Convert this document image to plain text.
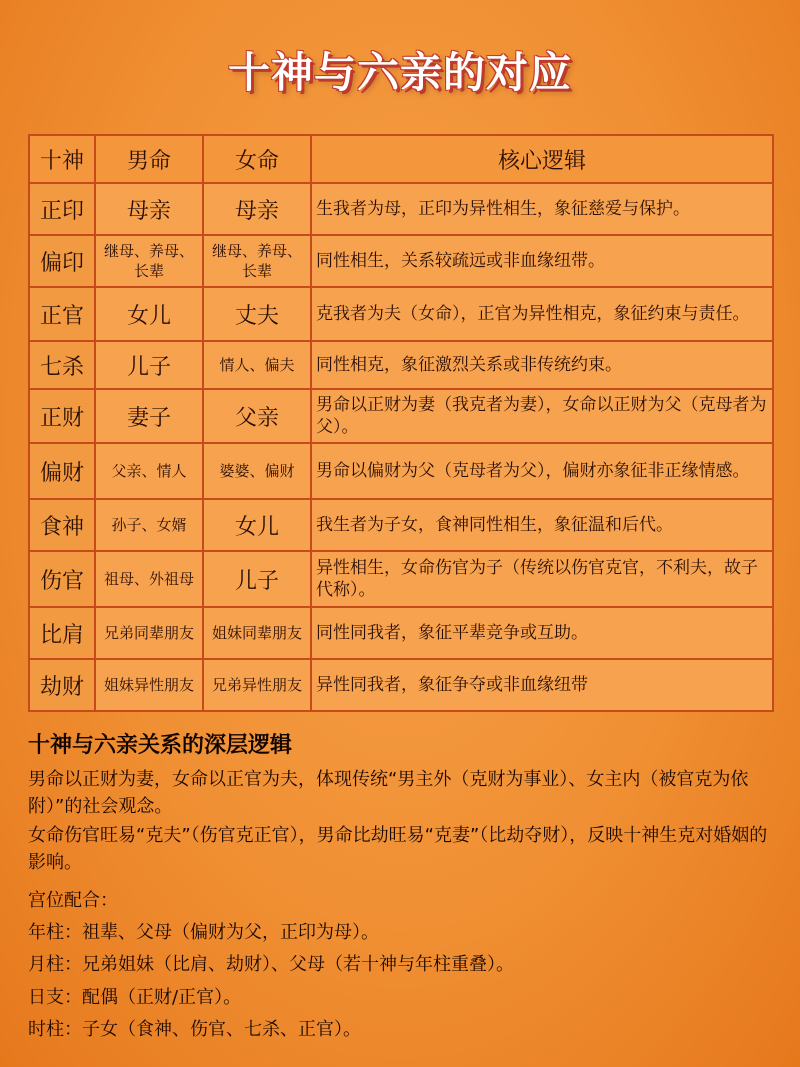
十神与六亲的对应
十神	男命	女命	核心逻辑
正印	母亲	母亲	生我者为母，正印为异性相生，象征慈爱与保护。
偏印	继母、养母、长辈	继母、养母、长辈	同性相生，关系较疏远或非血缘纽带。
正官	女儿	丈夫	克我者为夫（女命），正官为异性相克，象征约束与责任。
七杀	儿子	情人、偏夫	同性相克，象征激烈关系或非传统约束。
正财	妻子	父亲	男命以正财为妻（我克者为妻），女命以正财为父（克母者为父）。
偏财	父亲、情人	婆婆、偏财	男命以偏财为父（克母者为父），偏财亦象征非正缘情感。
食神	孙子、女婿	女儿	我生者为子女，食神同性相生，象征温和后代。
伤官	祖母、外祖母	儿子	异性相生，女命伤官为子（传统以伤官克官，不利夫，故子代称）。
比肩	兄弟同辈朋友	姐妹同辈朋友	同性同我者，象征平辈竞争或互助。
劫财	姐妹异性朋友	兄弟异性朋友	异性同我者，象征争夺或非血缘纽带
十神与六亲关系的深层逻辑
男命以正财为妻，女命以正官为夫，体现传统“男主外（克财为事业）、女主内（被官克为依附）”的社会观念。
女命伤官旺易“克夫”（伤官克正官），男命比劫旺易“克妻”（比劫夺财），反映十神生克对婚姻的影响。
宫位配合：
年柱：祖辈、父母（偏财为父，正印为母）。
月柱：兄弟姐妹（比肩、劫财）、父母（若十神与年柱重叠）。
日支：配偶（正财/正官）。
时柱：子女（食神、伤官、七杀、正官）。
